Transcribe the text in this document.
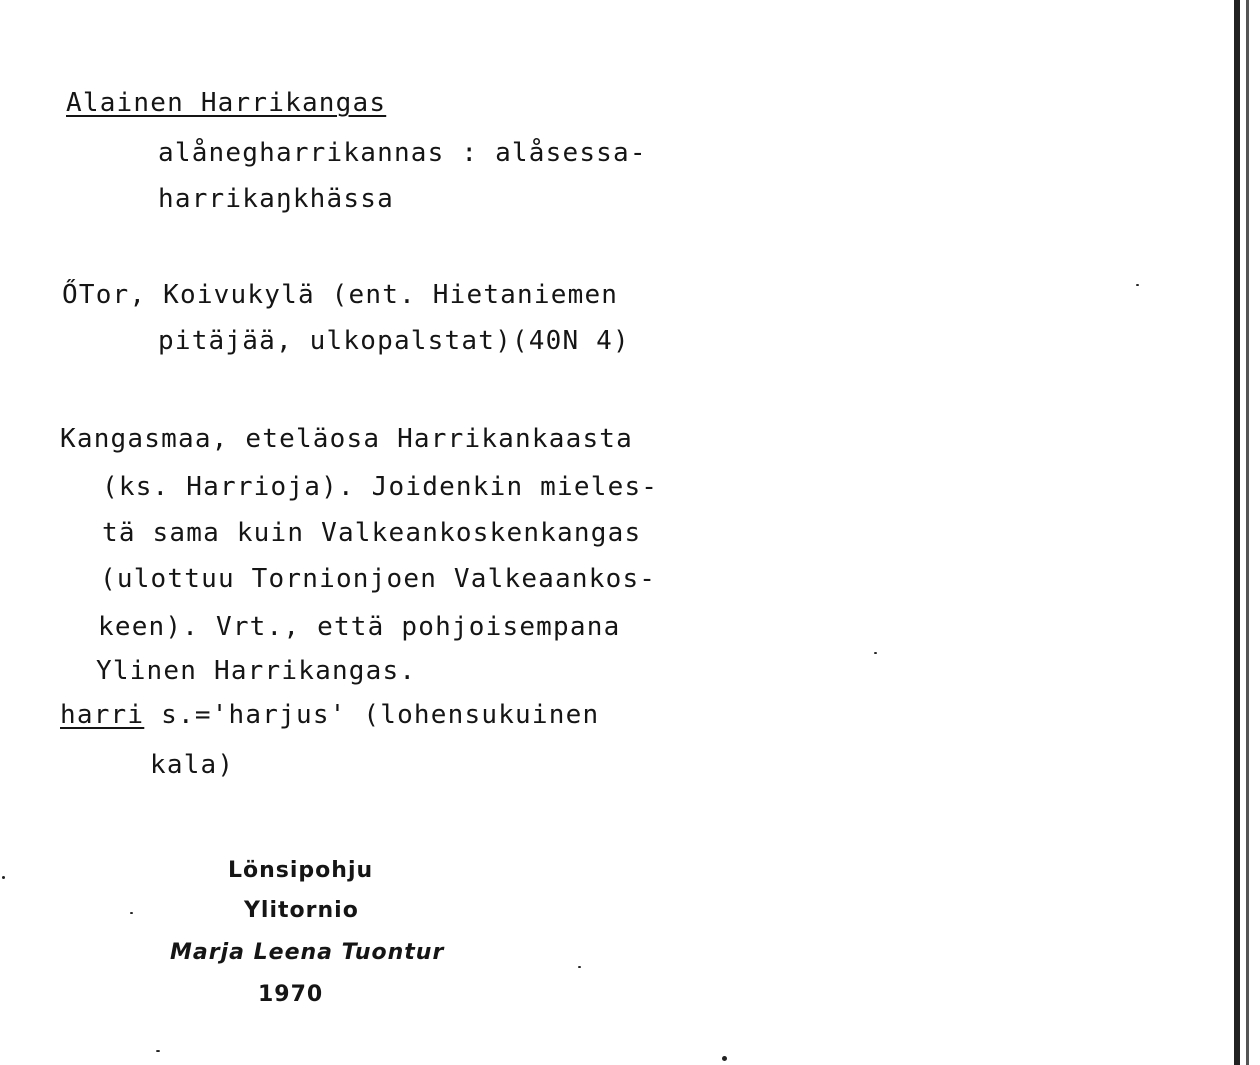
Alainen Harrikangas

alånegharrikannas : alåsessa-

harrikaŋkhässa

ŐTor, Koivukylä (ent. Hietaniemen

pitäjää, ulkopalstat)(40N 4)

Kangasmaa, eteläosa Harrikankaasta

(ks. Harrioja). Joidenkin mieles-

tä sama kuin Valkeankoskenkangas

(ulottuu Tornionjoen Valkeaankos-

keen). Vrt., että pohjoisempana

Ylinen Harrikangas.

harri s.='harjus' (lohensukuinen

kala)

Lönsipohju

Ylitornio

Marja Leena Tuontur

1970
